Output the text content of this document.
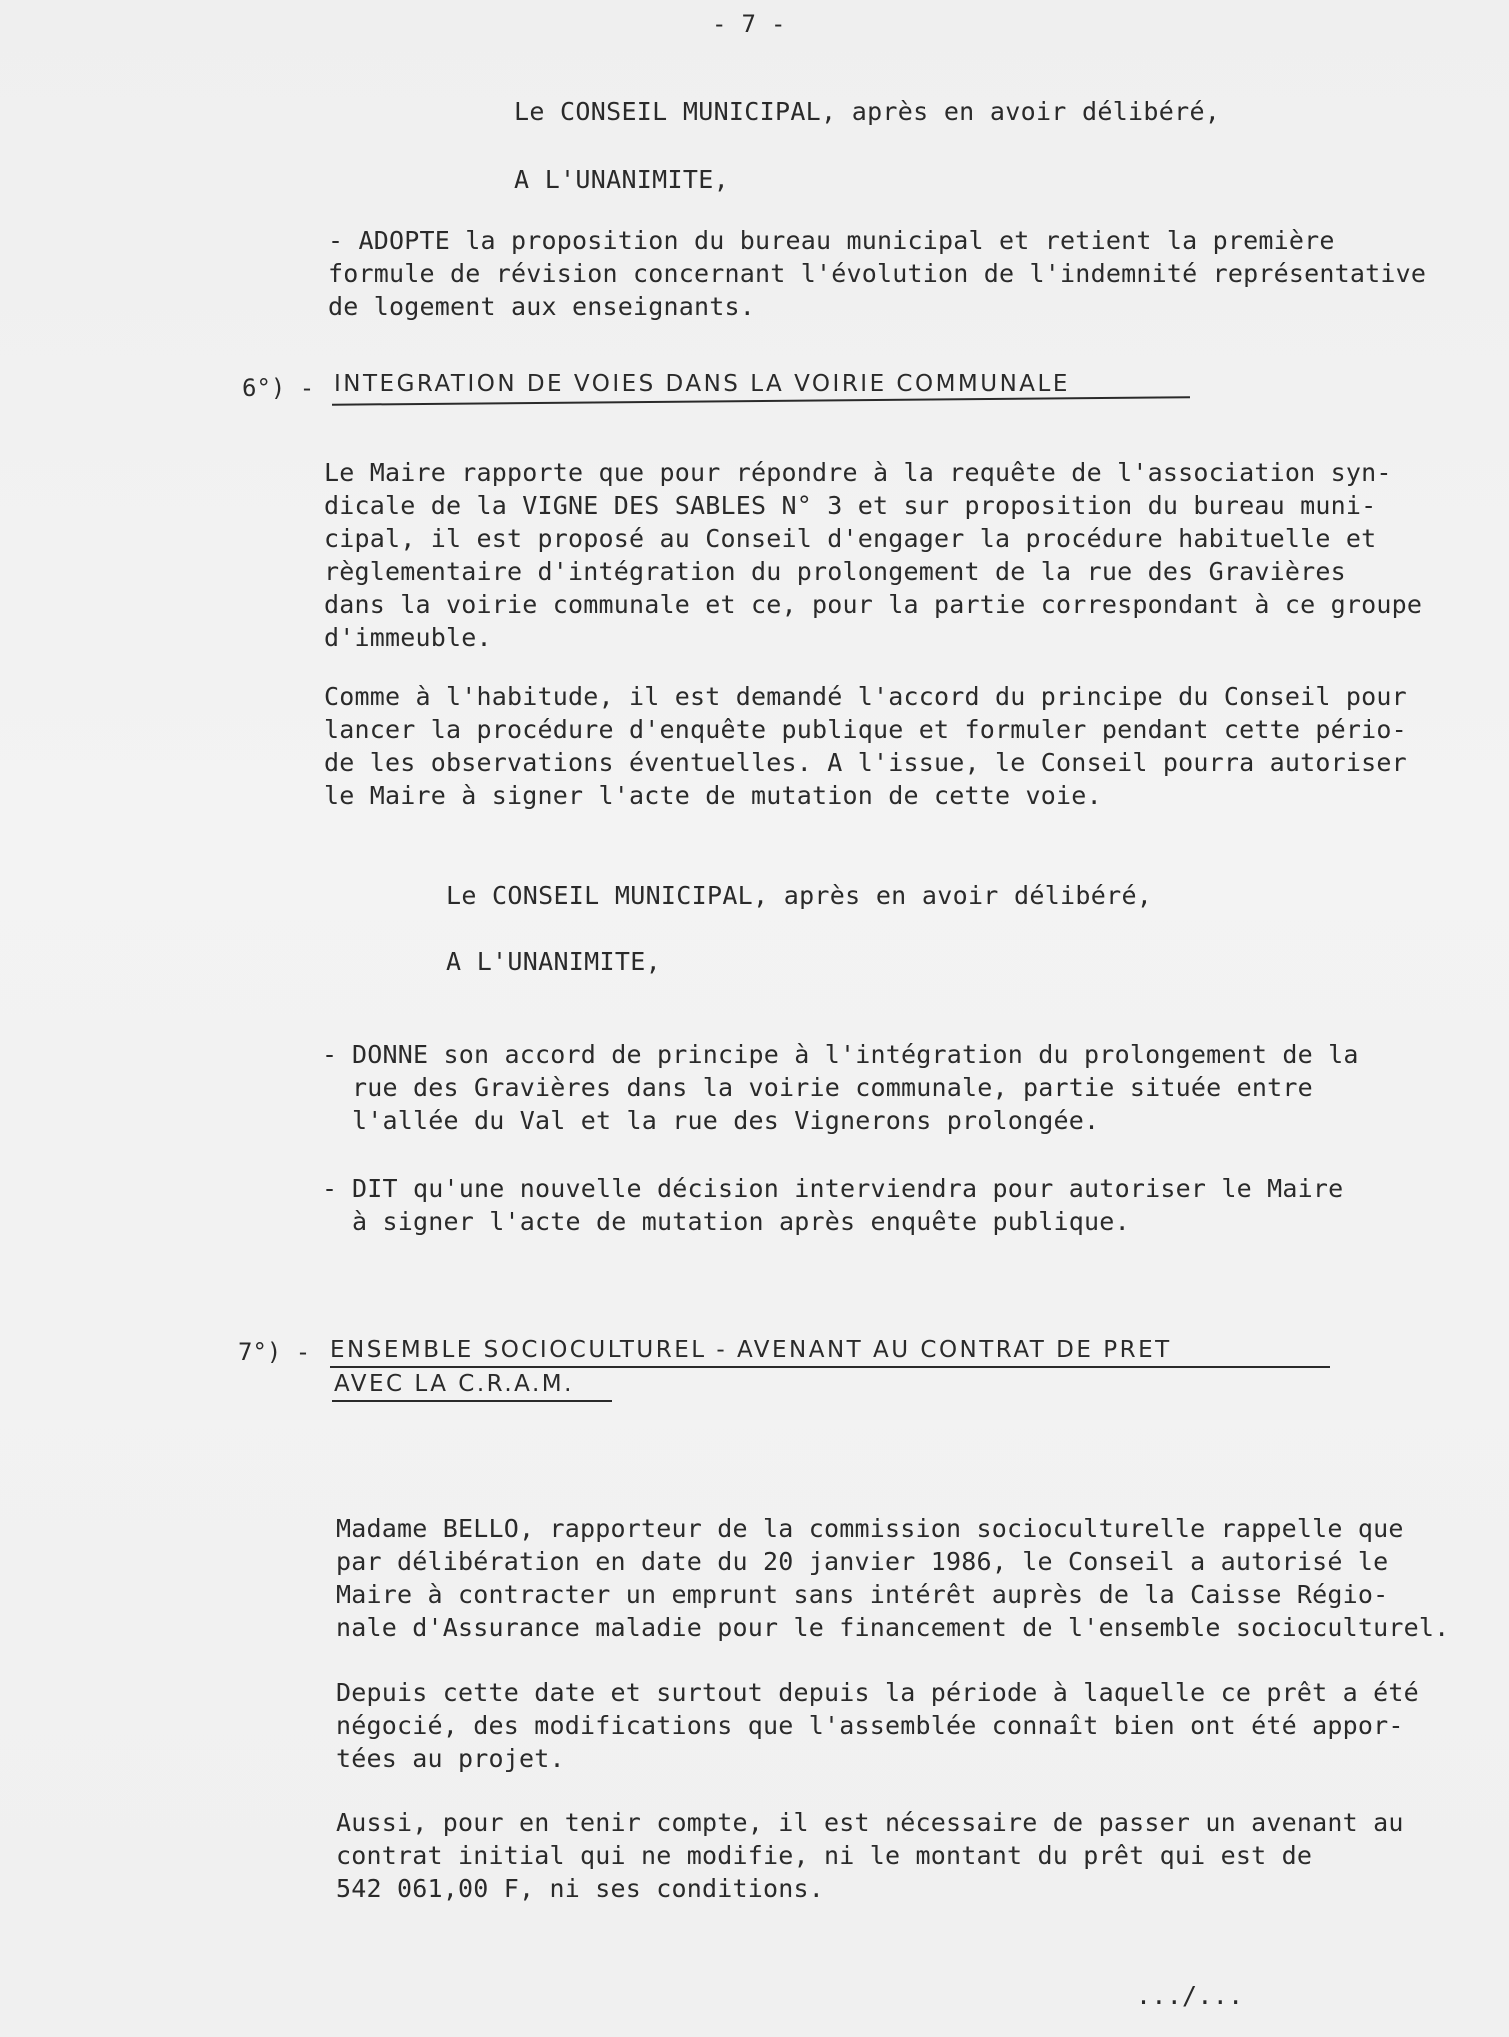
- 7 -
Le CONSEIL MUNICIPAL, après en avoir délibéré,
A L'UNANIMITE,
- ADOPTE la proposition du bureau municipal et retient la première
formule de révision concernant l'évolution de l'indemnité représentative
de logement aux enseignants.
6°) - INTEGRATION DE VOIES DANS LA VOIRIE COMMUNALE
Le Maire rapporte que pour répondre à la requête de l'association syn-
dicale de la VIGNE DES SABLES N° 3 et sur proposition du bureau muni-
cipal, il est proposé au Conseil d'engager la procédure habituelle et
règlementaire d'intégration du prolongement de la rue des Gravières
dans la voirie communale et ce, pour la partie correspondant à ce groupe
d'immeuble.
Comme à l'habitude, il est demandé l'accord du principe du Conseil pour
lancer la procédure d'enquête publique et formuler pendant cette pério-
de les observations éventuelles. A l'issue, le Conseil pourra autoriser
le Maire à signer l'acte de mutation de cette voie.
Le CONSEIL MUNICIPAL, après en avoir délibéré,
A L'UNANIMITE,
- DONNE son accord de principe à l'intégration du prolongement de la
rue des Gravières dans la voirie communale, partie située entre
l'allée du Val et la rue des Vignerons prolongée.
- DIT qu'une nouvelle décision interviendra pour autoriser le Maire
à signer l'acte de mutation après enquête publique.
7°) - ENSEMBLE SOCIOCULTUREL - AVENANT AU CONTRAT DE PRET
AVEC LA C.R.A.M.
Madame BELLO, rapporteur de la commission socioculturelle rappelle que
par délibération en date du 20 janvier 1986, le Conseil a autorisé le
Maire à contracter un emprunt sans intérêt auprès de la Caisse Régio-
nale d'Assurance maladie pour le financement de l'ensemble socioculturel.
Depuis cette date et surtout depuis la période à laquelle ce prêt a été
négocié, des modifications que l'assemblée connaît bien ont été appor-
tées au projet.
Aussi, pour en tenir compte, il est nécessaire de passer un avenant au
contrat initial qui ne modifie, ni le montant du prêt qui est de
542 061,00 F, ni ses conditions.
.../...
